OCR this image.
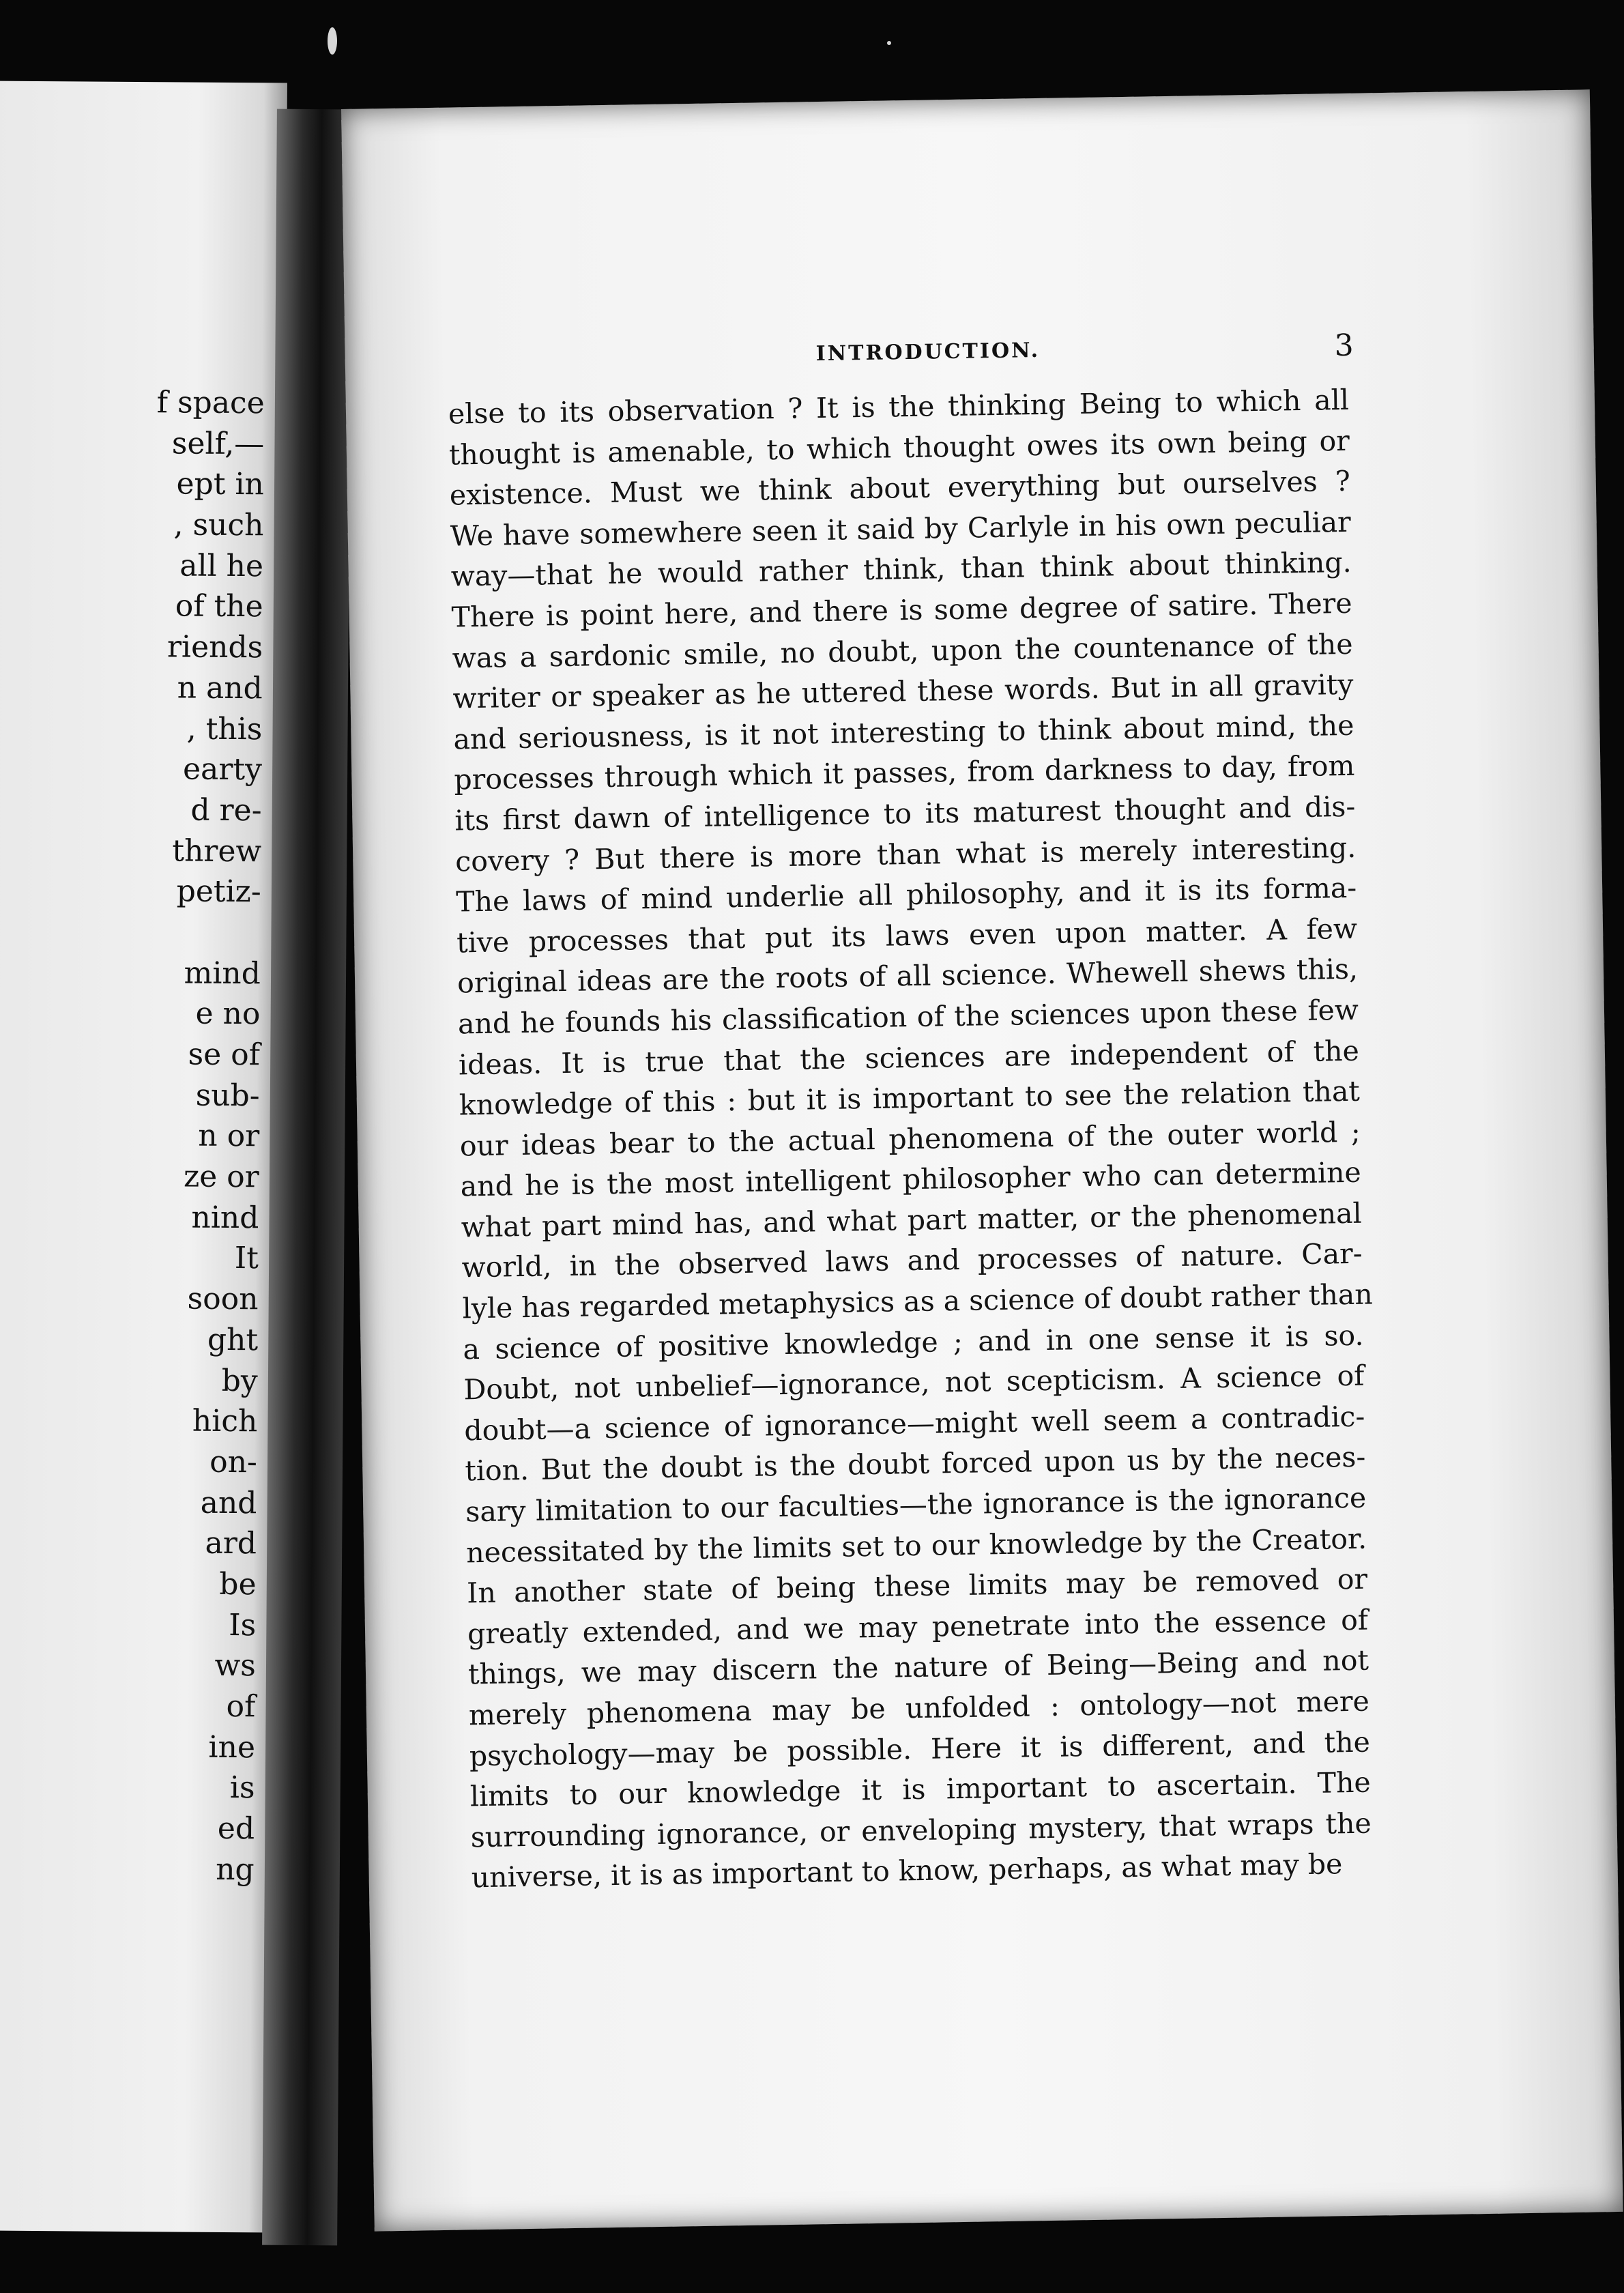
f space
self,—
ept in
, such
all he
of the
riends
n and
, this
earty
d re-
threw
petiz-
mind
e no
se of
sub-
n or
ze or
nind
It
soon
ght
by
hich
on-
and
ard
be
Is
ws
of
ine
is
ed
ng
INTRODUCTION.	3
else to its observation ? It is the thinking Being to which all
thought is amenable, to which thought owes its own being or
existence. Must we think about everything but ourselves ?
We have somewhere seen it said by Carlyle in his own peculiar
way—that he would rather think, than think about thinking.
There is point here, and there is some degree of satire. There
was a sardonic smile, no doubt, upon the countenance of the
writer or speaker as he uttered these words. But in all gravity
and seriousness, is it not interesting to think about mind, the
processes through which it passes, from darkness to day, from
its first dawn of intelligence to its maturest thought and dis-
covery ? But there is more than what is merely interesting.
The laws of mind underlie all philosophy, and it is its forma-
tive processes that put its laws even upon matter. A few
original ideas are the roots of all science. Whewell shews this,
and he founds his classification of the sciences upon these few
ideas. It is true that the sciences are independent of the
knowledge of this : but it is important to see the relation that
our ideas bear to the actual phenomena of the outer world ;
and he is the most intelligent philosopher who can determine
what part mind has, and what part matter, or the phenomenal
world, in the observed laws and processes of nature. Car-
lyle has regarded metaphysics as a science of doubt rather than
a science of positive knowledge ; and in one sense it is so.
Doubt, not unbelief—ignorance, not scepticism. A science of
doubt—a science of ignorance—might well seem a contradic-
tion. But the doubt is the doubt forced upon us by the neces-
sary limitation to our faculties—the ignorance is the ignorance
necessitated by the limits set to our knowledge by the Creator.
In another state of being these limits may be removed or
greatly extended, and we may penetrate into the essence of
things, we may discern the nature of Being—Being and not
merely phenomena may be unfolded : ontology—not mere
psychology—may be possible. Here it is different, and the
limits to our knowledge it is important to ascertain. The
surrounding ignorance, or enveloping mystery, that wraps the
universe, it is as important to know, perhaps, as what may be
